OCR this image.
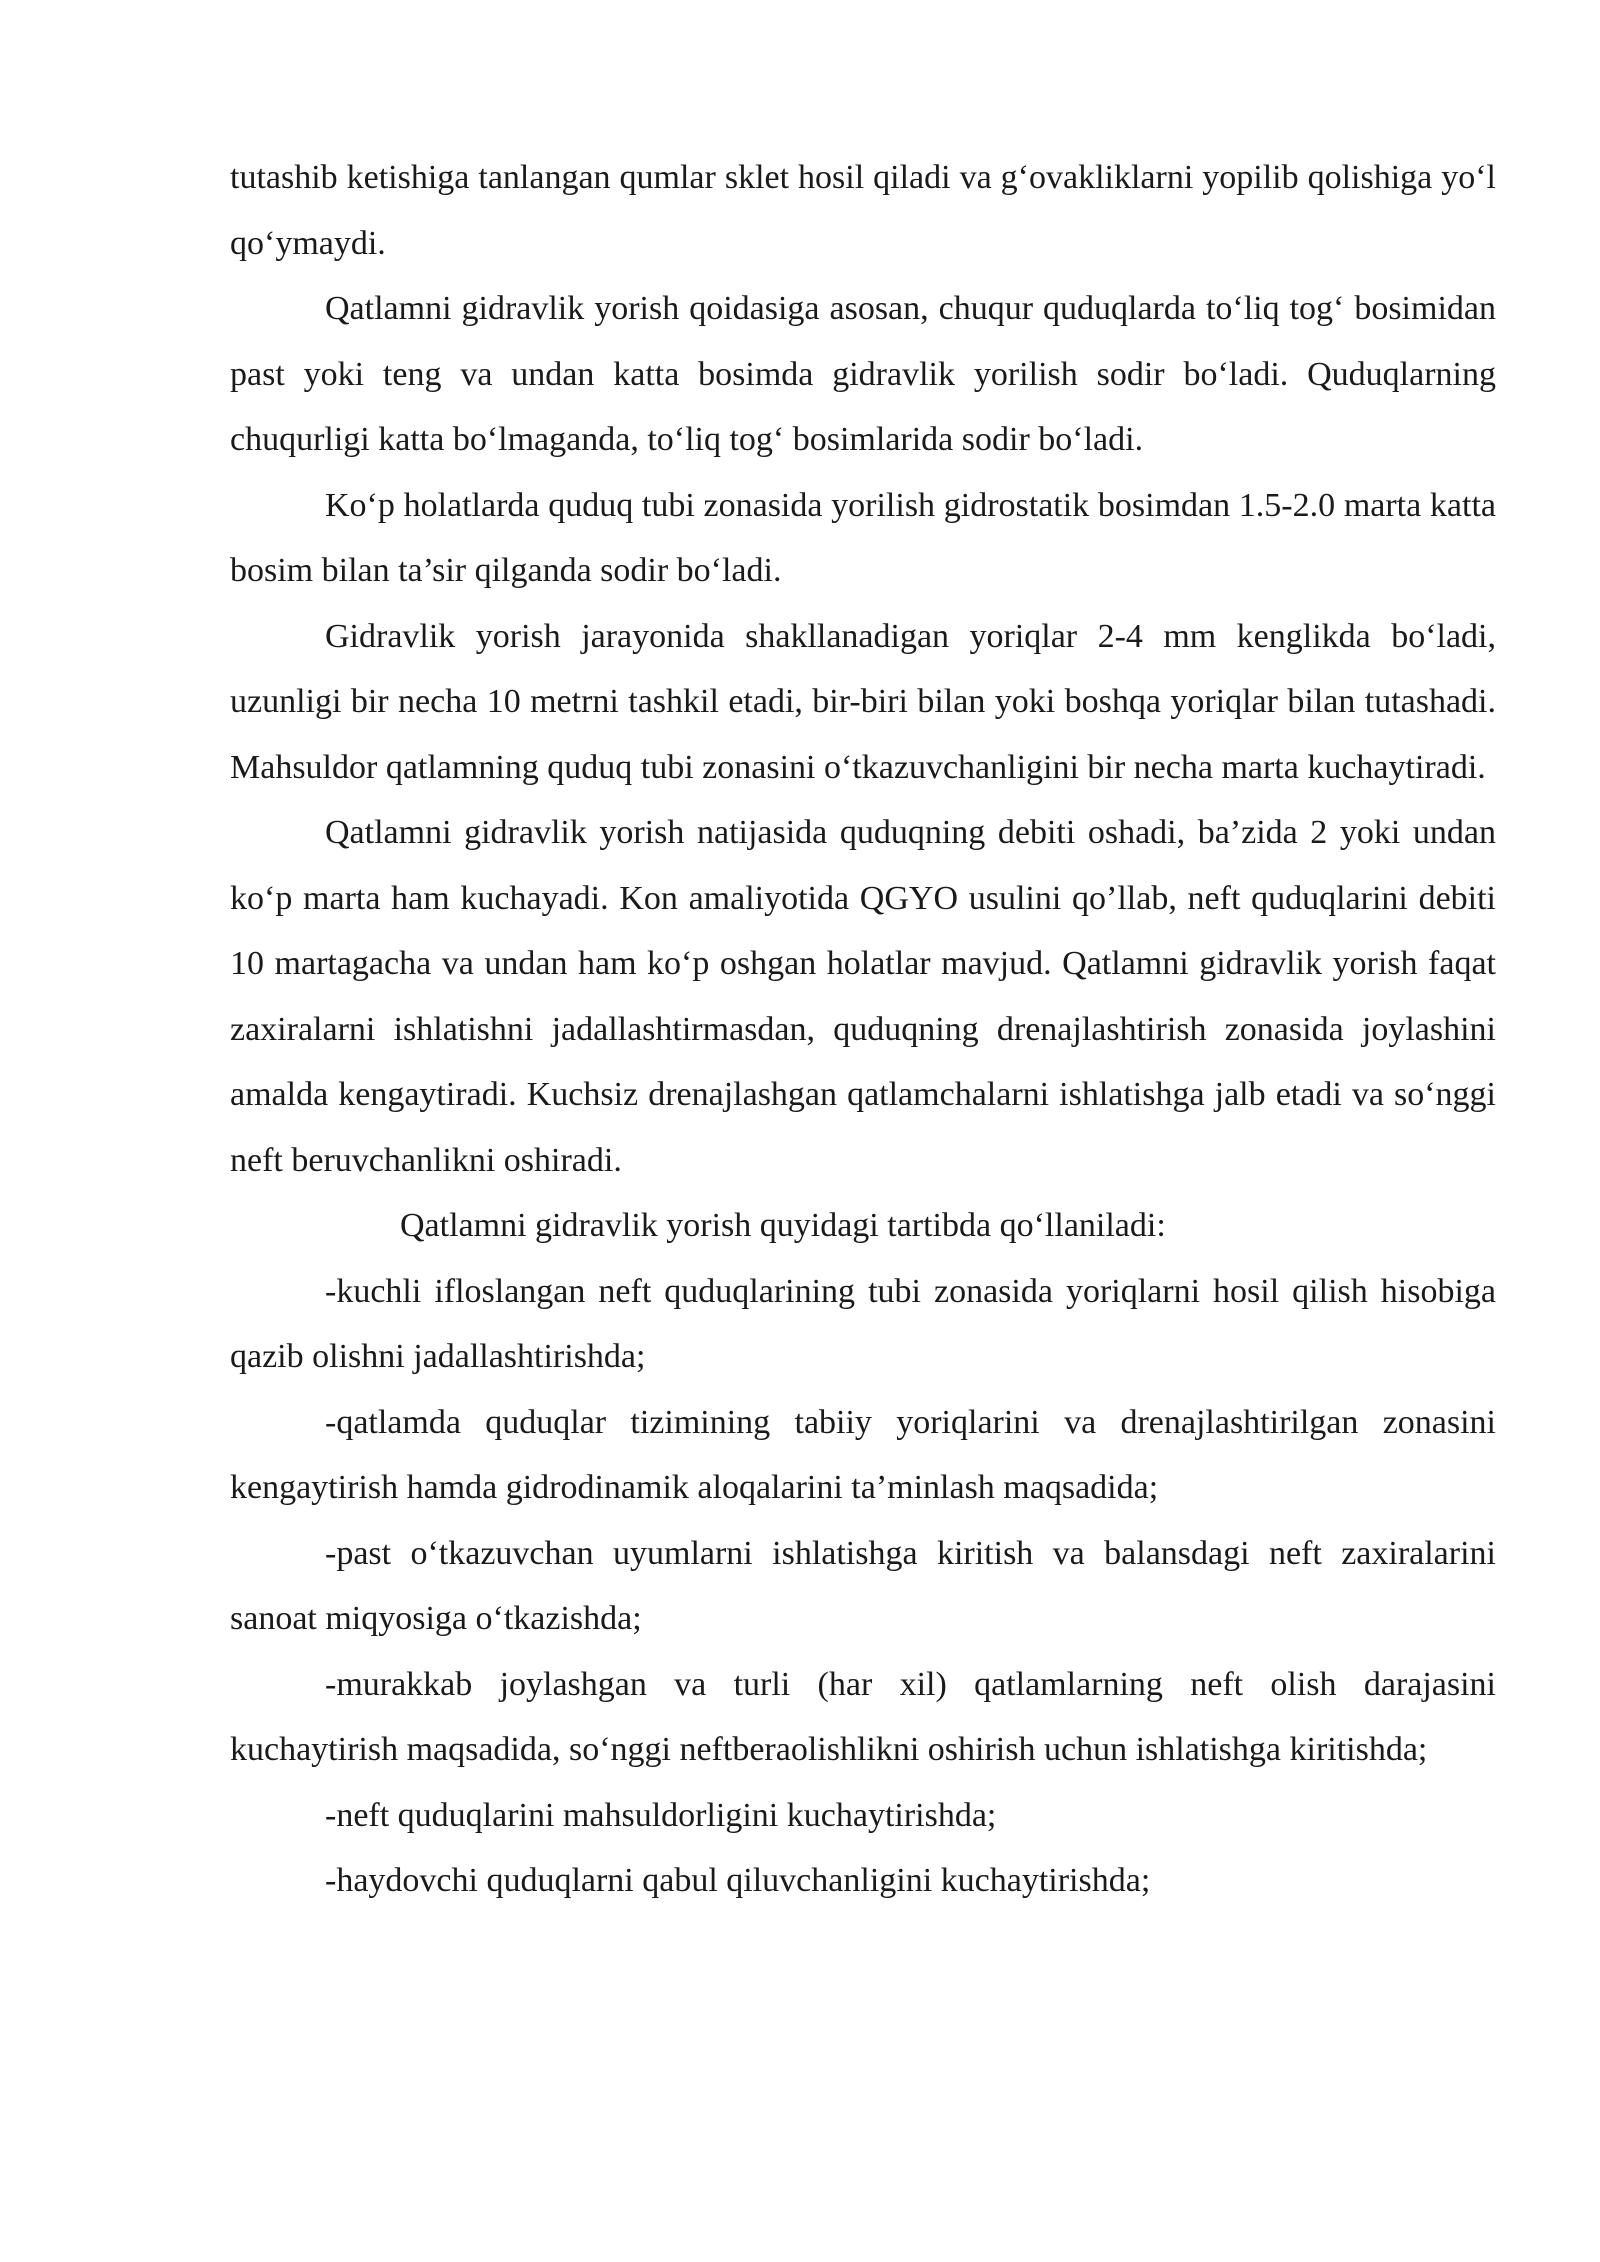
tutashib ketishiga tanlangan qumlar sklet hosil qiladi va g‘ovakliklarni yopilib qolishiga yo‘l qo‘ymaydi.

Qatlamni gidravlik yorish qoidasiga asosan, chuqur quduqlarda to‘liq tog‘ bosimidan past yoki teng va undan katta bosimda gidravlik yorilish sodir bo‘ladi. Quduqlarning chuqurligi katta bo‘lmaganda, to‘liq tog‘ bosimlarida sodir bo‘ladi.

Ko‘p holatlarda quduq tubi zonasida yorilish gidrostatik bosimdan 1.5-2.0 marta katta bosim bilan ta’sir qilganda sodir bo‘ladi.

Gidravlik yorish jarayonida shakllanadigan yoriqlar 2-4 mm kenglikda bo‘ladi, uzunligi bir necha 10 metrni tashkil etadi, bir-biri bilan yoki boshqa yoriqlar bilan tutashadi. Mahsuldor qatlamning quduq tubi zonasini o‘tkazuvchanligini bir necha marta kuchaytiradi.

Qatlamni gidravlik yorish natijasida quduqning debiti oshadi, ba’zida 2 yoki undan ko‘p marta ham kuchayadi. Kon amaliyotida QGYO usulini qo’llab, neft quduqlarini debiti 10 martagacha va undan ham ko‘p oshgan holatlar mavjud. Qatlamni gidravlik yorish faqat zaxiralarni ishlatishni jadallashtirmasdan, quduqning drenajlashtirish zonasida joylashini amalda kengaytiradi. Kuchsiz drenajlashgan qatlamchalarni ishlatishga jalb etadi va so‘nggi neft beruvchanlikni oshiradi.

Qatlamni gidravlik yorish quyidagi tartibda qo‘llaniladi:

-kuchli ifloslangan neft quduqlarining tubi zonasida yoriqlarni hosil qilish hisobiga qazib olishni jadallashtirishda;

-qatlamda quduqlar tizimining tabiiy yoriqlarini va drenajlashtirilgan zonasini kengaytirish hamda gidrodinamik aloqalarini ta’minlash maqsadida;

-past o‘tkazuvchan uyumlarni ishlatishga kiritish va balansdagi neft zaxiralarini sanoat miqyosiga o‘tkazishda;

-murakkab joylashgan va turli (har xil) qatlamlarning neft olish darajasini kuchaytirish maqsadida, so‘nggi neftberaolishlikni oshirish uchun ishlatishga kiritishda;

-neft quduqlarini mahsuldorligini kuchaytirishda;

-haydovchi quduqlarni qabul qiluvchanligini kuchaytirishda;
